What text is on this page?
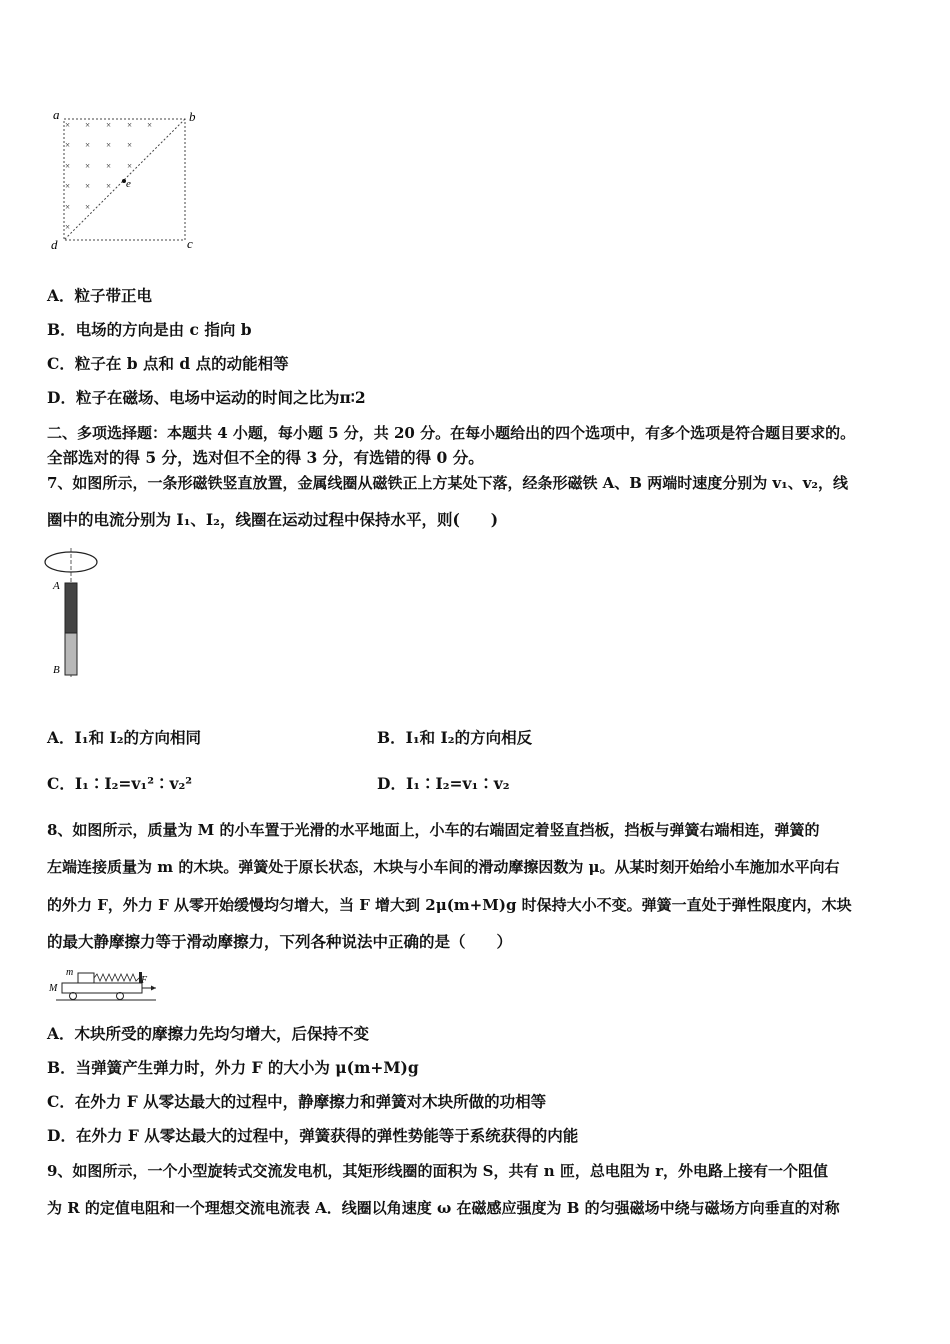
× × × × ×
× × × ×
× × × ×
× × ×
× ×
×
a	b
c
d
e
A．粒子带正电
B．电场的方向是由 c 指向 b
C．粒子在 b 点和 d 点的动能相等
D．粒子在磁场、电场中运动的时间之比为π∶2
二、多项选择题：本题共 4 小题，每小题 5 分，共 20 分。在每小题给出的四个选项中，有多个选项是符合题目要求的。
全部选对的得 5 分，选对但不全的得 3 分，有选错的得 0 分。
7、如图所示，一条形磁铁竖直放置，金属线圈从磁铁正上方某处下落，经条形磁铁 A、B 两端时速度分别为 v₁、v₂，线
圈中的电流分别为 I₁、I₂，线圈在运动过程中保持水平，则(　　)
A
B
A．I₁和 I₂的方向相同	B．I₁和 I₂的方向相反
C．I₁∶I₂=v₁²∶v₂²	D．I₁∶I₂=v₁∶v₂
8、如图所示，质量为 M 的小车置于光滑的水平地面上，小车的右端固定着竖直挡板，挡板与弹簧右端相连，弹簧的
左端连接质量为 m 的木块。弹簧处于原长状态，木块与小车间的滑动摩擦因数为 μ。从某时刻开始给小车施加水平向右
的外力 F，外力 F 从零开始缓慢均匀增大，当 F 增大到 2μ(m+M)g 时保持大小不变。弹簧一直处于弹性限度内，木块
的最大静摩擦力等于滑动摩擦力，下列各种说法中正确的是（　　）
m
M
F
A．木块所受的摩擦力先均匀增大，后保持不变
B．当弹簧产生弹力时，外力 F 的大小为 μ(m+M)g
C．在外力 F 从零达最大的过程中，静摩擦力和弹簧对木块所做的功相等
D．在外力 F 从零达最大的过程中，弹簧获得的弹性势能等于系统获得的内能
9、如图所示，一个小型旋转式交流发电机，其矩形线圈的面积为 S，共有 n 匝，总电阻为 r，外电路上接有一个阻值
为 R 的定值电阻和一个理想交流电流表 A．线圈以角速度 ω 在磁感应强度为 B 的匀强磁场中绕与磁场方向垂直的对称
